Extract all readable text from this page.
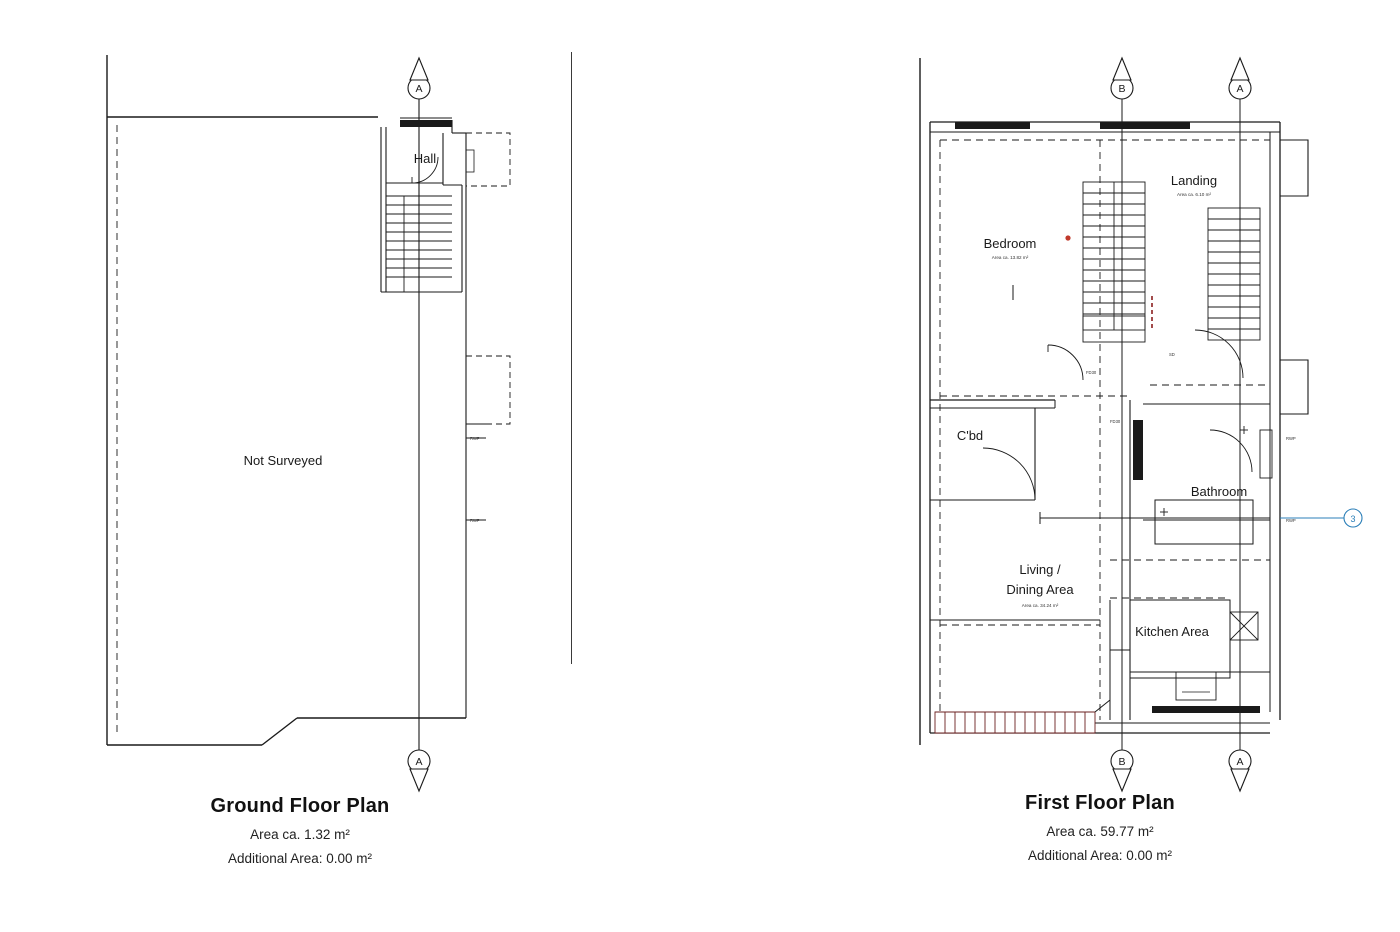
A
A
Hall
Not Surveyed
RWP
RWP

Ground Floor Plan
Area ca. 1.32 m²
Additional Area: 0.00 m²
B	A
B	A
3
Bedroom
Area ca. 13.82 m²
Landing
Area ca. 6.10 m²
C'bd
Bathroom
Living /
Dining Area
Area ca. 34.24 m²
Kitchen Area
FD30
FD30
SD
RWP
RWP
First Floor Plan
Area ca. 59.77 m²
Additional Area: 0.00 m²
